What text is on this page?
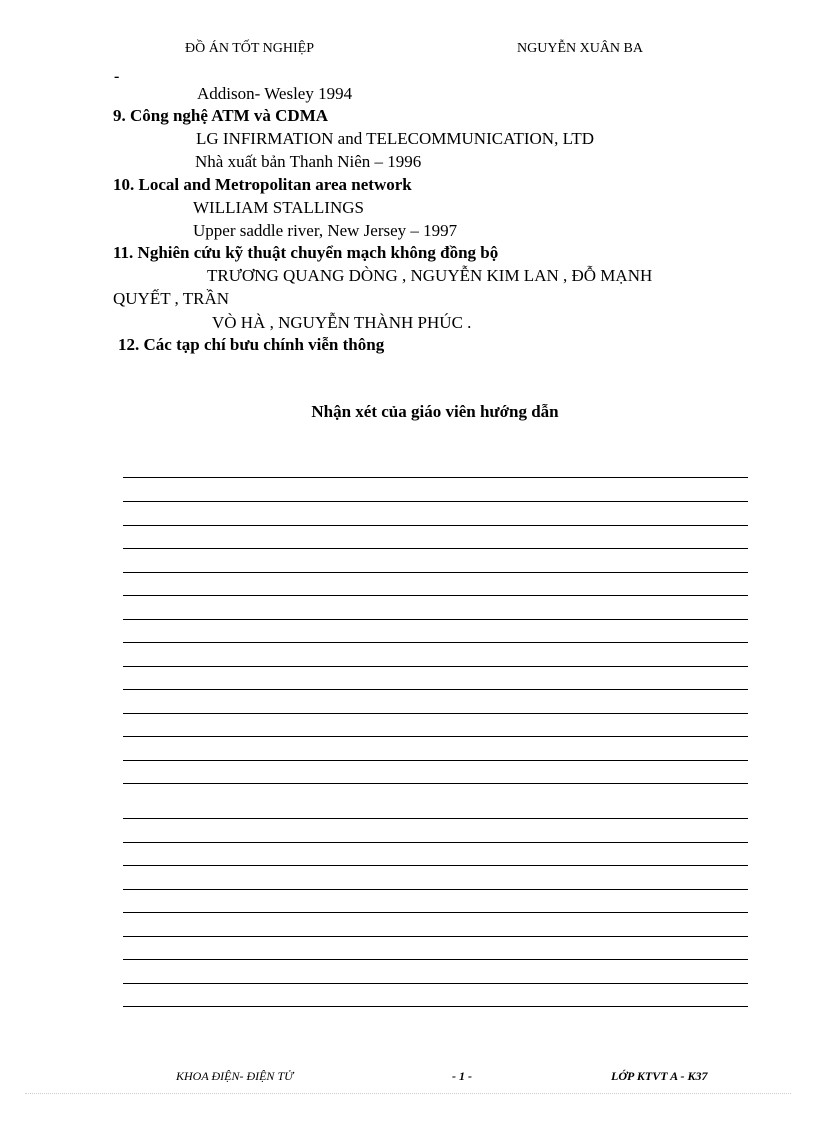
ĐỒ ÁN TỐT NGHIỆP	NGUYỄN XUÂN BA
-
Addison- Wesley 1994
9. Công nghệ ATM và CDMA
LG INFIRMATION and TELECOMMUNICATION, LTD
Nhà xuất bản Thanh Niên – 1996
10. Local and Metropolitan area network
WILLIAM STALLINGS
Upper saddle river, New Jersey – 1997
11. Nghiên cứu kỹ thuật chuyển mạch không đồng bộ
TRƯƠNG QUANG DÒNG , NGUYỄN KIM LAN , ĐỖ MẠNH
QUYẾT , TRẦN
VÒ HÀ , NGUYỄN THÀNH PHÚC .
12. Các tạp chí bưu chính viễn thông
Nhận xét của giáo viên hướng dẫn
KHOA ĐIỆN- ĐIỆN TỬ	- 1 -	LỚP KTVT A - K37
